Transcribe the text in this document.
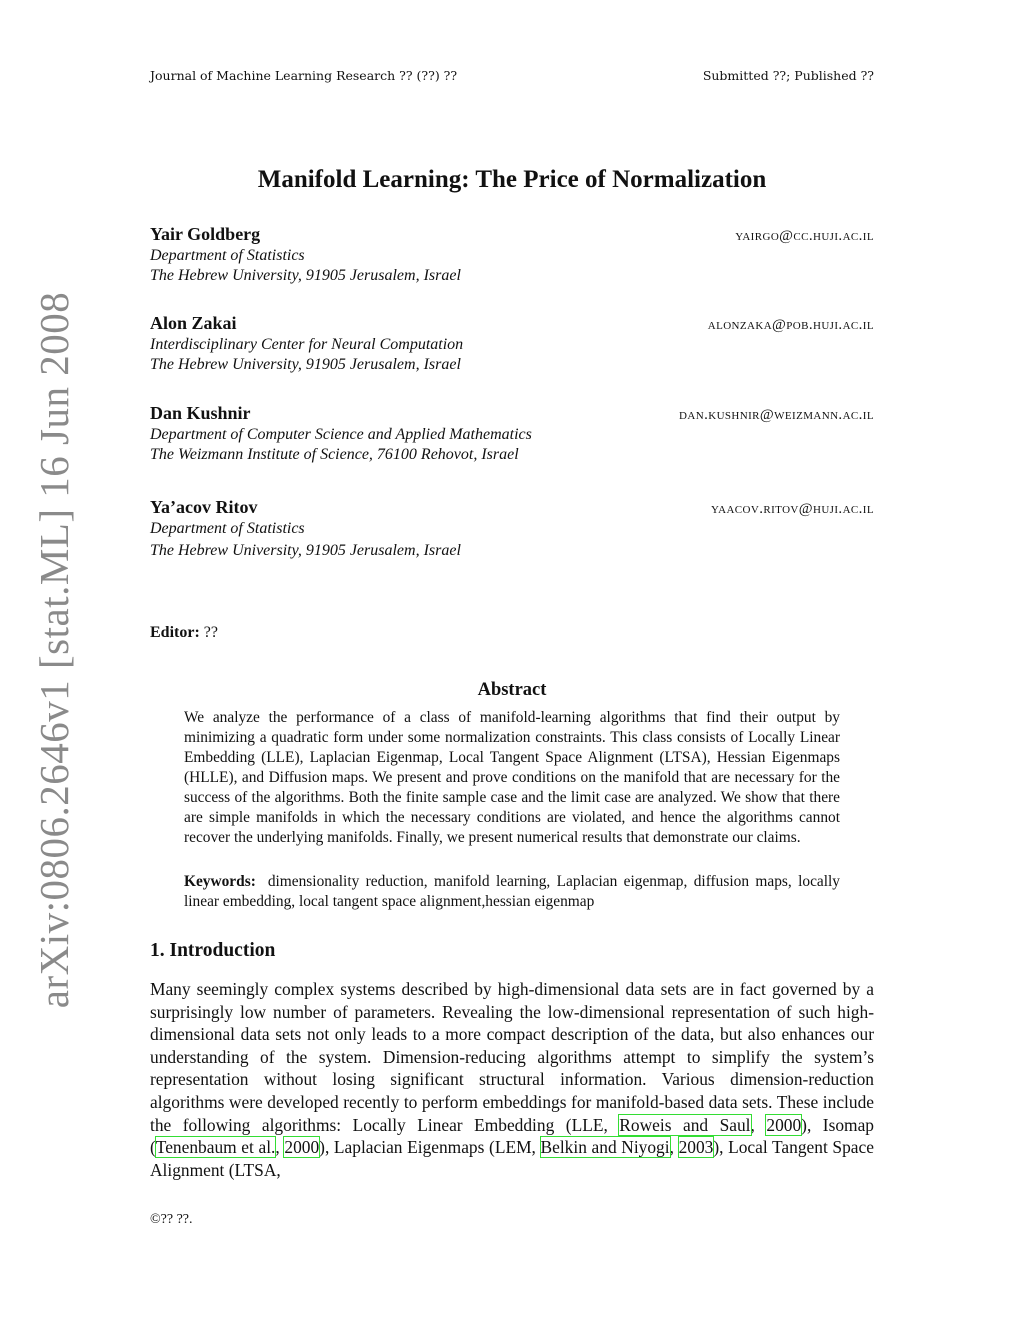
Journal of Machine Learning Research ?? (??) ??	Submitted ??; Published ??
arXiv:0806.2646v1 [stat.ML] 16 Jun 2008
Manifold Learning: The Price of Normalization
Yair Goldberg	yairgo@cc.huji.ac.il
Department of Statistics
The Hebrew University, 91905 Jerusalem, Israel
Alon Zakai	alonzaka@pob.huji.ac.il
Interdisciplinary Center for Neural Computation
The Hebrew University, 91905 Jerusalem, Israel
Dan Kushnir	dan.kushnir@weizmann.ac.il
Department of Computer Science and Applied Mathematics
The Weizmann Institute of Science, 76100 Rehovot, Israel
Ya’acov Ritov	yaacov.ritov@huji.ac.il
Department of Statistics
The Hebrew University, 91905 Jerusalem, Israel
Editor: ??
Abstract
We analyze the performance of a class of manifold-learning algorithms that find their output by minimizing a quadratic form under some normalization constraints. This class consists of Locally Linear Embedding (LLE), Laplacian Eigenmap, Local Tangent Space Alignment (LTSA), Hessian Eigenmaps (HLLE), and Diffusion maps. We present and prove conditions on the manifold that are necessary for the success of the algorithms. Both the finite sample case and the limit case are analyzed. We show that there are simple manifolds in which the necessary conditions are violated, and hence the algorithms cannot recover the underlying manifolds. Finally, we present numerical results that demonstrate our claims.
Keywords: dimensionality reduction, manifold learning, Laplacian eigenmap, diffusion maps, locally linear embedding, local tangent space alignment,hessian eigenmap
1. Introduction
Many seemingly complex systems described by high-dimensional data sets are in fact governed by a surprisingly low number of parameters. Revealing the low-dimensional representation of such high-dimensional data sets not only leads to a more compact description of the data, but also enhances our understanding of the system. Dimension-reducing algorithms attempt to simplify the system’s representation without losing significant structural information. Various dimension-reduction algorithms were developed recently to perform embeddings for manifold-based data sets. These include the following algorithms: Locally Linear Embedding (LLE, Roweis and Saul, 2000), Isomap (Tenenbaum et al., 2000), Laplacian Eigenmaps (LEM, Belkin and Niyogi, 2003), Local Tangent Space Alignment (LTSA,
©?? ??.
